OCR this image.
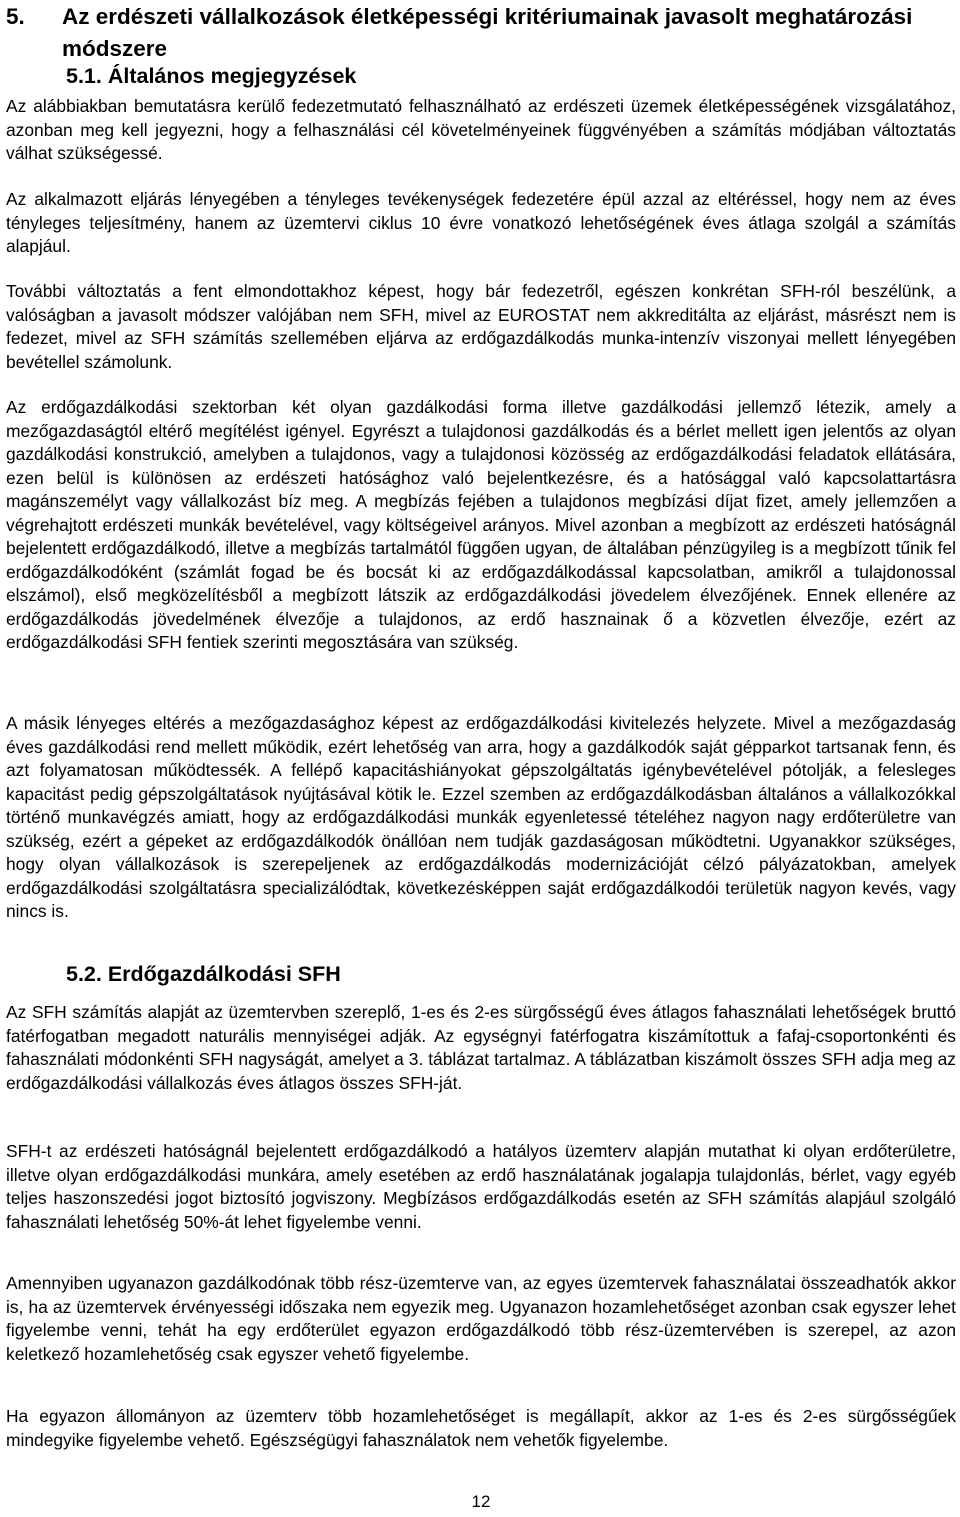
5. Az erdészeti vállalkozások életképességi kritériumainak javasolt meghatározási
módszere
5.1. Általános megjegyzések

Az alábbiakban bemutatásra kerülő fedezetmutató felhasználható az erdészeti üzemek életképességének vizsgálatához, azonban meg kell jegyezni, hogy a felhasználási cél követelményeinek függvényében a számítás módjában változtatás válhat szükségessé.

Az alkalmazott eljárás lényegében a tényleges tevékenységek fedezetére épül azzal az eltéréssel, hogy nem az éves tényleges teljesítmény, hanem az üzemtervi ciklus 10 évre vonatkozó lehetőségének éves átlaga szolgál a számítás alapjául.

További változtatás a fent elmondottakhoz képest, hogy bár fedezetről, egészen konkrétan SFH-ról beszélünk, a valóságban a javasolt módszer valójában nem SFH, mivel az EUROSTAT nem akkreditálta az eljárást, másrészt nem is fedezet, mivel az SFH számítás szellemében eljárva az erdőgazdálkodás munka-intenzív viszonyai mellett lényegében bevétellel számolunk.

Az erdőgazdálkodási szektorban két olyan gazdálkodási forma illetve gazdálkodási jellemző létezik, amely a mezőgazdaságtól eltérő megítélést igényel. Egyrészt a tulajdonosi gazdálkodás és a bérlet mellett igen jelentős az olyan gazdálkodási konstrukció, amelyben a tulajdonos, vagy a tulajdonosi közösség az erdőgazdálkodási feladatok ellátására, ezen belül is különösen az erdészeti hatósághoz való bejelentkezésre, és a hatósággal való kapcsolattartásra magánszemélyt vagy vállalkozást bíz meg. A megbízás fejében a tulajdonos megbízási díjat fizet, amely jellemzően a végrehajtott erdészeti munkák bevételével, vagy költségeivel arányos. Mivel azonban a megbízott az erdészeti hatóságnál bejelentett erdőgazdálkodó, illetve a megbízás tartalmától függően ugyan, de általában pénzügyileg is a megbízott tűnik fel erdőgazdálkodóként (számlát fogad be és bocsát ki az erdőgazdálkodással kapcsolatban, amikről a tulajdonossal elszámol), első megközelítésből a megbízott látszik az erdőgazdálkodási jövedelem élvezőjének. Ennek ellenére az erdőgazdálkodás jövedelmének élvezője a tulajdonos, az erdő hasznainak ő a közvetlen élvezője, ezért az erdőgazdálkodási SFH fentiek szerinti megosztására van szükség.

A másik lényeges eltérés a mezőgazdasághoz képest az erdőgazdálkodási kivitelezés helyzete. Mivel a mezőgazdaság éves gazdálkodási rend mellett működik, ezért lehetőség van arra, hogy a gazdálkodók saját gépparkot tartsanak fenn, és azt folyamatosan működtessék. A fellépő kapacitáshiányokat gépszolgáltatás igénybevételével pótolják, a felesleges kapacitást pedig gépszolgáltatások nyújtásával kötik le. Ezzel szemben az erdőgazdálkodásban általános a vállalkozókkal történő munkavégzés amiatt, hogy az erdőgazdálkodási munkák egyenletessé tételéhez nagyon nagy erdőterületre van szükség, ezért a gépeket az erdőgazdálkodók önállóan nem tudják gazdaságosan működtetni. Ugyanakkor szükséges, hogy olyan vállalkozások is szerepeljenek az erdőgazdálkodás modernizációját célzó pályázatokban, amelyek erdőgazdálkodási szolgáltatásra specializálódtak, következésképpen saját erdőgazdálkodói területük nagyon kevés, vagy nincs is.

5.2. Erdőgazdálkodási SFH

Az SFH számítás alapját az üzemtervben szereplő, 1-es és 2-es sürgősségű éves átlagos fahasználati lehetőségek bruttó fatérfogatban megadott naturális mennyiségei adják. Az egységnyi fatérfogatra kiszámítottuk a fafaj-csoportonkénti és fahasználati módonkénti SFH nagyságát, amelyet a 3. táblázat tartalmaz. A táblázatban kiszámolt összes SFH adja meg az erdőgazdálkodási vállalkozás éves átlagos összes SFH-ját.

SFH-t az erdészeti hatóságnál bejelentett erdőgazdálkodó a hatályos üzemterv alapján mutathat ki olyan erdőterületre, illetve olyan erdőgazdálkodási munkára, amely esetében az erdő használatának jogalapja tulajdonlás, bérlet, vagy egyéb teljes haszonszedési jogot biztosító jogviszony. Megbízásos erdőgazdálkodás esetén az SFH számítás alapjául szolgáló fahasználati lehetőség 50%-át lehet figyelembe venni.

Amennyiben ugyanazon gazdálkodónak több rész-üzemterve van, az egyes üzemtervek fahasználatai összeadhatók akkor is, ha az üzemtervek érvényességi időszaka nem egyezik meg. Ugyanazon hozamlehetőséget azonban csak egyszer lehet figyelembe venni, tehát ha egy erdőterület egyazon erdőgazdálkodó több rész-üzemtervében is szerepel, az azon keletkező hozamlehetőség csak egyszer vehető figyelembe.

Ha egyazon állományon az üzemterv több hozamlehetőséget is megállapít, akkor az 1-es és 2-es sürgősségűek mindegyike figyelembe vehető. Egészségügyi fahasználatok nem vehetők figyelembe.

12
